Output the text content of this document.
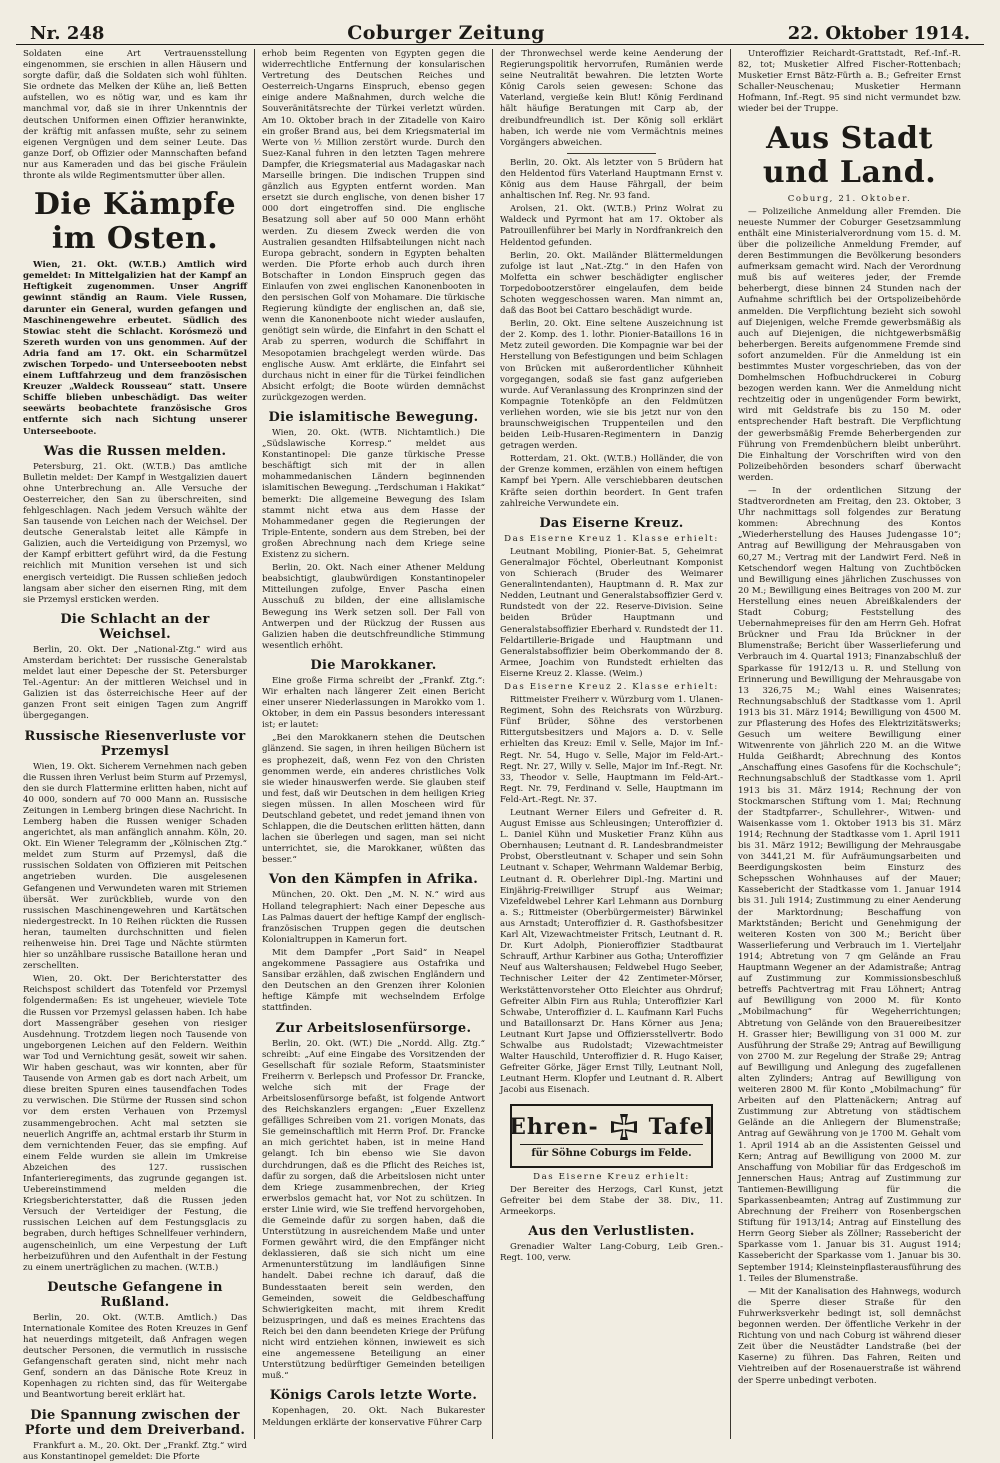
Nr. 248	Coburger Zeitung	22. Oktober 1914.

Soldaten eine Art Vertrauensstellung eingenommen, sie erschien in allen Häusern und sorgte dafür, daß die Soldaten sich wohl fühlten. Sie ordnete das Melken der Kühe an, ließ Betten aufstellen, wo es nötig war, und es kam ihr manchmal vor, daß sie in ihrer Unkenntnis der deutschen Uniformen einen Offizier heranwinkte, der kräftig mit anfassen mußte, sehr zu seinem eigenen Vergnügen und dem seiner Leute. Das ganze Dorf, ob Offizier oder Mannschaften befand nur aus Kameraden und das bei gische Fräulein thronte als wilde Regimentsmutter über allen.

Die Kämpfe im Osten.

Wien, 21. Okt. (W.T.B.) Amtlich wird gemeldet: In Mittelgalizien hat der Kampf an Heftigkeit zugenommen. Unser Angriff gewinnt ständig an Raum. Viele Russen, darunter ein General, wurden gefangen und Maschinengewehre erbeutet. Südlich des Stowiac steht die Schlacht. Korósmezö und Szereth wurden von uns genommen. Auf der Adria fand am 17. Okt. ein Scharmützel zwischen Torpedo- und Unterseebooten nebst einem Luftfahrzeug und dem französischen Kreuzer „Waldeck Rousseau“ statt. Unsere Schiffe blieben unbeschädigt. Das weiter seewärts beobachtete französische Gros entfernte sich nach Sichtung unserer Unterseeboote.

Was die Russen melden.

Petersburg, 21. Okt. (W.T.B.) Das amtliche Bulletin meldet: Der Kampf in Westgalizien dauert ohne Unterbrechung an. Alle Versuche der Oesterreicher, den San zu überschreiten, sind fehlgeschlagen. Nach jedem Versuch wählte der San tausende von Leichen nach der Weichsel. Der deutsche Generalstab leitet alle Kämpfe in Galizien, auch die Verteidigung von Przemysl, wo der Kampf erbittert geführt wird, da die Festung reichlich mit Munition versehen ist und sich energisch verteidigt. Die Russen schließen jedoch langsam aber sicher den eisernen Ring, mit dem sie Przemysl ersticken werden.

Die Schlacht an der Weichsel.

Berlin, 20. Okt. Der „National-Ztg.“ wird aus Amsterdam berichtet: Der russische Generalstab meldet laut einer Depesche der St. Petersburger Tel.-Agentur: An der mittleren Weichsel und in Galizien ist das österreichische Heer auf der ganzen Front seit einigen Tagen zum Angriff übergegangen.

Russische Riesenverluste vor Przemysl

Wien, 19. Okt. Sicherem Vernehmen nach geben die Russen ihren Verlust beim Sturm auf Przemysl, den sie durch Flattermine erlitten haben, nicht auf 40 000, sondern auf 70 000 Mann an. Russische Zeitungen in Lemberg bringen diese Nachricht. In Lemberg haben die Russen weniger Schaden angerichtet, als man anfänglich annahm. Köln, 20. Okt. Ein Wiener Telegramm der „Kölnischen Ztg.“ meldet zum Sturm auf Przemysl, daß die russischen Soldaten von Offizieren mit Peitschen angetrieben wurden. Die ausgelesenen Gefangenen und Verwundeten waren mit Striemen übersät. Wer zurückblieb, wurde von den russischen Maschinengewehren und Kartätschen niedergestreckt. In 10 Reihen rückten die Russen heran, taumelten durchschnitten und fielen reihenweise hin. Drei Tage und Nächte stürmten hier so unzählbare russische Bataillone heran und zerschellten.

Wien, 20. Okt. Der Berichterstatter des Reichspost schildert das Totenfeld vor Przemysl folgendermaßen: Es ist ungeheuer, wieviele Tote die Russen vor Przemysl gelassen haben. Ich habe dort Massengräber gesehen von riesiger Ausdehnung. Trotzdem liegen noch Tausende von ungeborgenen Leichen auf den Feldern. Weithin war Tod und Vernichtung gesät, soweit wir sahen. Wir haben geschaut, was wir konnten, aber für Tausende von Armen gab es dort nach Arbeit, um diese breiten Spuren eines tausendfachen Todes zu verwischen. Die Stürme der Russen sind schon vor dem ersten Verhauen von Przemysl zusammengebrochen. Acht mal setzten sie neuerlich Angriffe an, achtmal erstarb ihr Sturm in dem vernichtenden Feuer, das sie empfing. Auf einem Felde wurden sie allein im Umkreise Abzeichen des 127. russischen Infanterieregiments, das zugrunde gegangen ist. Uebereinstimmend melden die Kriegsberichterstatter, daß die Russen jeden Versuch der Verteidiger der Festung, die russischen Leichen auf dem Festungsglacis zu begraben, durch heftiges Schnellfeuer verhindern, augenscheinlich, um eine Verpestung der Luft herbeizuführen und den Aufenthalt in der Festung zu einem unerträglichen zu machen. (W.T.B.)

Deutsche Gefangene in Rußland.

Berlin, 20. Okt. (W.T.B. Amtlich.) Das Internationale Komitee des Roten Kreuzes in Genf hat neuerdings mitgeteilt, daß Anfragen wegen deutscher Personen, die vermutlich in russische Gefangenschaft geraten sind, nicht mehr nach Genf, sondern an das Dänische Rote Kreuz in Kopenhagen zu richten sind, das für Weitergabe und Beantwortung bereit erklärt hat.

Die Spannung zwischen der Pforte und dem Dreiverband.

Frankfurt a. M., 20. Okt. Der „Frankf. Ztg.“ wird aus Konstantinopel gemeldet: Die Pforte

erhob beim Regenten von Egypten gegen die widerrechtliche Entfernung der konsularischen Vertretung des Deutschen Reiches und Oesterreich-Ungarns Einspruch, ebenso gegen einige andere Maßnahmen, durch welche die Souveränitätsrechte der Türkei verletzt würden. Am 10. Oktober brach in der Zitadelle von Kairo ein großer Brand aus, bei dem Kriegsmaterial im Werte von ½ Million zerstört wurde. Durch den Suez-Kanal fuhren in den letzten Tagen mehrere Dampfer, die Kriegsmaterial aus Madagaskar nach Marseille bringen. Die indischen Truppen sind gänzlich aus Egypten entfernt worden. Man ersetzt sie durch englische, von denen bisher 17 000 dort eingetroffen sind. Die englische Besatzung soll aber auf 50 000 Mann erhöht werden. Zu diesem Zweck werden die von Australien gesandten Hilfsabteilungen nicht nach Europa gebracht, sondern in Egypten behalten werden. Die Pforte erhob auch durch ihren Botschafter in London Einspruch gegen das Einlaufen von zwei englischen Kanonenbooten in den persischen Golf von Mohamare. Die türkische Regierung kündigte der englischen an, daß sie, wenn die Kanonenboote nicht wieder auslaufen, genötigt sein würde, die Einfahrt in den Schatt el Arab zu sperren, wodurch die Schiffahrt in Mesopotamien brachgelegt werden würde. Das englische Ausw. Amt erklärte, die Einfahrt sei durchaus nicht in einer für die Türkei feindlichen Absicht erfolgt; die Boote würden demnächst zurückgezogen werden.

Die islamitische Bewegung.

Wien, 20. Okt. (WTB. Nichtamtlich.) Die „Südslawische Korresp.“ meldet aus Konstantinopel: Die ganze türkische Presse beschäftigt sich mit der in allen mohammedanischen Ländern beginnenden islamitischen Bewegung. „Terdschuman i Hakikat“ bemerkt: Die allgemeine Bewegung des Islam stammt nicht etwa aus dem Hasse der Mohammedaner gegen die Regierungen der Triple-Entente, sondern aus dem Streben, bei der großen Abrechnung nach dem Kriege seine Existenz zu sichern.

Berlin, 20. Okt. Nach einer Athener Meldung beabsichtigt, glaubwürdigen Konstantinopeler Mitteilungen zufolge, Enver Pascha einen Ausschuß zu bilden, der eine allislamische Bewegung ins Werk setzen soll. Der Fall von Antwerpen und der Rückzug der Russen aus Galizien haben die deutschfreundliche Stimmung wesentlich erhöht.

Die Marokkaner.

Eine große Firma schreibt der „Frankf. Ztg.“: Wir erhalten nach längerer Zeit einen Bericht einer unserer Niederlassungen in Marokko vom 1. Oktober, in dem ein Passus besonders interessant ist; er lautet:

„Bei den Marokkanern stehen die Deutschen glänzend. Sie sagen, in ihren heiligen Büchern ist es prophezeit, daß, wenn Fez von den Christen genommen werde, ein anderes christliches Volk sie wieder hinauswerfen werde. Sie glauben steif und fest, daß wir Deutschen in dem heiligen Krieg siegen müssen. In allen Moscheen wird für Deutschland gebetet, und redet jemand ihnen von Schlappen, die die Deutschen erlitten hätten, dann lachen sie überlegen und sagen, man sei nicht unterrichtet, sie, die Marokkaner, wüßten das besser.“

Von den Kämpfen in Afrika.

München, 20. Okt. Den „M. N. N.“ wird aus Holland telegraphiert: Nach einer Depesche aus Las Palmas dauert der heftige Kampf der englisch-französischen Truppen gegen die deutschen Kolonialtruppen in Kamerun fort.

Mit dem Dampfer „Port Said“ in Neapel angekommene Passagiere aus Ostafrika und Sansibar erzählen, daß zwischen Engländern und den Deutschen an den Grenzen ihrer Kolonien heftige Kämpfe mit wechselndem Erfolge stattfinden.

Zur Arbeitslosenfürsorge.

Berlin, 20. Okt. (WT.) Die „Nordd. Allg. Ztg.“ schreibt: „Auf eine Eingabe des Vorsitzenden der Gesellschaft für soziale Reform, Staatsminister Freiherrn v. Berlepsch und Professor Dr. Francke, welche sich mit der Frage der Arbeitslosenfürsorge befaßt, ist folgende Antwort des Reichskanzlers ergangen: „Euer Exzellenz gefälliges Schreiben vom 21. vorigen Monats, das Sie gemeinschaftlich mit Herrn Prof. Dr. Francke an mich gerichtet haben, ist in meine Hand gelangt. Ich bin ebenso wie Sie davon durchdrungen, daß es die Pflicht des Reiches ist, dafür zu sorgen, daß die Arbeitslosen nicht unter dem Kriege zusammenbrechen, der Krieg erwerbslos gemacht hat, vor Not zu schützen. In erster Linie wird, wie Sie treffend hervorgehoben, die Gemeinde dafür zu sorgen haben, daß die Unterstützung in ausreichendem Maße und unter Formen gewährt wird, die den Empfänger nicht deklassieren, daß sie sich nicht um eine Armenunterstützung im landläufigen Sinne handelt. Dabei rechne ich darauf, daß die Bundesstaaten bereit sein werden, den Gemeinden, soweit die Geldbeschaffung Schwierigkeiten macht, mit ihrem Kredit beizuspringen, und daß es meines Erachtens das Reich bei den dann beendeten Kriege der Prüfung nicht wird entziehen können, inwieweit es sich eine angemessene Beteiligung an einer Unterstützung bedürftiger Gemeinden beteiligen muß.“

Königs Carols letzte Worte.

Kopenhagen, 20. Okt. Nach Bukarester Meldungen erklärte der konservative Führer Carp

der Thronwechsel werde keine Aenderung der Regierungspolitik hervorrufen, Rumänien werde seine Neutralität bewahren. Die letzten Worte König Carols seien gewesen: Schone das Vaterland, vergieße kein Blut! König Ferdinand hält häufige Beratungen mit Carp ab, der dreibundfreundlich ist. Der König soll erklärt haben, ich werde nie vom Vermächtnis meines Vorgängers abweichen.

Berlin, 20. Okt. Als letzter von 5 Brüdern hat den Heldentod fürs Vaterland Hauptmann Ernst v. König aus dem Hause Fährgall, der beim anhaltischen Inf. Reg. Nr. 93 fand.

Arolsen, 21. Okt. (W.T.B.) Prinz Wolrat zu Waldeck und Pyrmont hat am 17. Oktober als Patrouillenführer bei Marly in Nordfrankreich den Heldentod gefunden.

Berlin, 20. Okt. Mailänder Blättermeldungen zufolge ist laut „Nat.-Ztg.“ in den Hafen von Molfetta ein schwer beschädigter englischer Torpedobootzerstörer eingelaufen, dem beide Schoten weggeschossen waren. Man nimmt an, daß das Boot bei Cattaro beschädigt wurde.

Berlin, 20. Okt. Eine seltene Auszeichnung ist der 2. Komp. des 1. lothr. Pionier-Bataillons 16 in Metz zuteil geworden. Die Kompagnie war bei der Herstellung von Befestigungen und beim Schlagen von Brücken mit außerordentlicher Kühnheit vorgegangen, sodaß sie fast ganz aufgerieben wurde. Auf Veranlassung des Kronprinzen sind der Kompagnie Totenköpfe an den Feldmützen verliehen worden, wie sie bis jetzt nur von den braunschweigischen Truppenteilen und den beiden Leib-Husaren-Regimentern in Danzig getragen werden.

Rotterdam, 21. Okt. (W.T.B.) Holländer, die von der Grenze kommen, erzählen von einem heftigen Kampf bei Ypern. Alle verschiebbaren deutschen Kräfte seien dorthin beordert. In Gent trafen zahlreiche Verwundete ein.

Das Eiserne Kreuz.

Das Eiserne Kreuz 1. Klasse erhielt:

Leutnant Mobiling, Pionier-Bat. 5, Geheimrat Generalmajor Föchtel, Oberleutnant Komponist von Schierach (Bruder des Weimarer Generalintendanten), Hauptmann d. R. Max zur Nedden, Leutnant und Generalstabsoffizier Gerd v. Rundstedt von der 22. Reserve-Division. Seine beiden Brüder Hauptmann und Generalstabsoffizier Eberhard v. Rundstedt der 11. Feldartillerie-Brigade und Hauptmann und Generalstabsoffizier beim Oberkommando der 8. Armee, Joachim von Rundstedt erhielten das Eiserne Kreuz 2. Klasse. (Weim.)

Das Eiserne Kreuz 2. Klasse erhielt:

Rittmeister Freiherr v. Würzburg vom 1. Ulanen-Regiment, Sohn des Reichsrats von Würzburg. Fünf Brüder, Söhne des verstorbenen Rittergutsbesitzers und Majors a. D. v. Selle erhielten das Kreuz: Emil v. Selle, Major im Inf.-Regt. Nr. 54, Hugo v. Selle, Major im Feld-Art.-Regt. Nr. 27, Willy v. Selle, Major im Inf.-Regt. Nr. 33, Theodor v. Selle, Hauptmann im Feld-Art.-Regt. Nr. 79, Ferdinand v. Selle, Hauptmann im Feld-Art.-Regt. Nr. 37.

Leutnant Werner Eilers und Gefreiter d. R. August Emisse aus Schleusingen; Unteroffizier d. L. Daniel Kühn und Musketier Franz Kühn aus Obernhausen; Leutnant d. R. Landesbrandmeister Probst, Oberstleutnant v. Schaper und sein Sohn Leutnant v. Schaper, Wehrmann Waldemar Berbig, Leutnant d. R. Oberlehrer Dipl.-Ing. Martini und Einjährig-Freiwilliger Strupf aus Weimar; Vizefeldwebel Lehrer Karl Lehmann aus Dornburg a. S.; Rittmeister (Oberbürgermeister) Bärwinkel aus Arnstadt; Unteroffizier d. R. Gasthofsbesitzer Karl Alt, Vizewachtmeister Fritsch, Leutnant d. R. Dr. Kurt Adolph, Pionieroffizier Stadtbaurat Schrauff, Arthur Karbiner aus Gotha; Unteroffizier Neuf aus Waltershausen; Feldwebel Hugo Seeber, Technischer Leiter der 42 Zentimeter-Mörser, Werkstättenvorsteher Otto Eleichter aus Ohrdruf; Gefreiter Albin Firn aus Ruhla; Unteroffizier Karl Schwabe, Unteroffizier d. L. Kaufmann Karl Fuchs und Bataillonsarzt Dr. Hans Körner aus Jena; Leutnant Kurt Japse und Offiziersstellvertr. Bodo Schwalbe aus Rudolstadt; Vizewachtmeister Walter Hauschild, Unteroffizier d. R. Hugo Kaiser, Gefreiter Görke, Jäger Ernst Tilly, Leutnant Noll, Leutnant Herm. Klopfer und Leutnant d. R. Albert Jacobi aus Eisenach.

Ehren- Tafel
für Söhne Coburgs im Felde.

Das Eiserne Kreuz erhielt:

Der Bereiter des Herzogs, Carl Kunst, jetzt Gefreiter bei dem Stabe der 38. Div., 11. Armeekorps.

Aus den Verlustlisten.

Grenadier Walter Lang-Coburg, Leib Gren.-Regt. 100, verw.

Unteroffizier Reichardt-Grattstadt, Ref.-Inf.-R. 82, tot; Musketier Alfred Fischer-Rottenbach; Musketier Ernst Bätz-Fürth a. B.; Gefreiter Ernst Schaller-Neuschenau; Musketier Hermann Hofmann, Inf.-Regt. 95 sind nicht vermundet bzw. wieder bei der Truppe.

Aus Stadt und Land.

Coburg, 21. Oktober.

— Polizeiliche Anmeldung aller Fremden. Die neueste Nummer der Coburger Gesetzsammlung enthält eine Ministerialverordnung vom 15. d. M. über die polizeiliche Anmeldung Fremder, auf deren Bestimmungen die Bevölkerung besonders aufmerksam gemacht wird. Nach der Verordnung muß bis auf weiteres jeder, der Fremde beherbergt, diese binnen 24 Stunden nach der Aufnahme schriftlich bei der Ortspolizeibehörde anmelden. Die Verpflichtung bezieht sich sowohl auf Diejenigen, welche Fremde gewerbsmäßig als auch auf Diejenigen, die nichtgewerbsmäßig beherbergen. Bereits aufgenommene Fremde sind sofort anzumelden. Für die Anmeldung ist ein bestimmtes Muster vorgeschrieben, das von der Domhelmschen Hofbuchdruckerei in Coburg bezogen werden kann. Wer die Anmeldung nicht rechtzeitig oder in ungenügender Form bewirkt, wird mit Geldstrafe bis zu 150 M. oder entsprechender Haft bestraft. Die Verpflichtung der gewerbsmäßig Fremde Beherbergenden zur Führung von Fremdenbüchern bleibt unberührt. Die Einhaltung der Vorschriften wird von den Polizeibehörden besonders scharf überwacht werden.

— In der ordentlichen Sitzung der Stadtverordneten am Freitag, den 23. Oktober, 3 Uhr nachmittags soll folgendes zur Beratung kommen: Abrechnung des Kontos „Wiederherstellung des Hauses Judengasse 10“; Antrag auf Bewilligung der Mehrausgaben von 60,27 M.; Vertrag mit der Landwirt Ferd. Neß in Ketschendorf wegen Haltung von Zuchtböcken und Bewilligung eines jährlichen Zuschusses von 20 M.; Bewilligung eines Beitrages von 200 M. zur Herstellung eines neuen Abreißkalenders der Stadt Coburg; Feststellung des Uebernahmepreises für den am Herrn Geh. Hofrat Brückner und Frau Ida Brückner in der Blumenstraße; Bericht über Wasserlieferung und Verbrauch im 4. Quartal 1913; Finanzabschluß der Sparkasse für 1912/13 u. R. und Stellung von Erinnerung und Bewilligung der Mehrausgabe von 13 326,75 M.; Wahl eines Waisenrates; Rechnungsabschluß der Stadtkasse vom 1. April 1913 bis 31. März 1914; Bewilligung von 4500 M. zur Pflasterung des Hofes des Elektrizitätswerks; Gesuch um weitere Bewilligung einer Witwenrente von jährlich 220 M. an die Witwe Hulda Geißhardt; Abrechnung des Kontos „Anschaffung eines Gasofens für die Kochschule“; Rechnungsabschluß der Stadtkasse vom 1. April 1913 bis 31. März 1914; Rechnung der von Stockmarschen Stiftung vom 1. Mai; Rechnung der Stadtpfarrer-, Schullehrer-, Witwen- und Waisenkasse vom 1. Oktober 1913 bis 31. März 1914; Rechnung der Stadtkasse vom 1. April 1911 bis 31. März 1912; Bewilligung der Mehrausgabe von 3441,21 M. für Aufräumungsarbeiten und Beerdigungskosten beim Einsturz des Schepsschen Wohnhauses auf der Mauer; Kassebericht der Stadtkasse vom 1. Januar 1914 bis 31. Juli 1914; Zustimmung zu einer Aenderung der Marktordnung; Beschaffung von Marktständen; Bericht und Genehmigung der weiteren Kosten von 300 M.; Bericht über Wasserlieferung und Verbrauch im 1. Vierteljahr 1914; Abtretung von 7 qm Gelände an Frau Hauptmann Wegener an der Adamistraße; Antrag auf Zustimmung zur Kommissionsbeschluß betreffs Pachtvertrag mit Frau Löhnert; Antrag auf Bewilligung von 2000 M. für Konto „Mobilmachung“ für Wegeherrichtungen; Abtretung von Gelände von den Brauereibesitzer H. Grasser hier; Bewilligung von 31 000 M. zur Ausführung der Straße 29; Antrag auf Bewilligung von 2700 M. zur Regelung der Straße 29; Antrag auf Bewilligung und Anlegung des zugefallenen alten Zylinders; Antrag auf Bewilligung von weiteren 2800 M. für Konto „Mobilmachung“ für Arbeiten auf den Plattenäckern; Antrag auf Zustimmung zur Abtretung von städtischem Gelände an die Anliegern der Blumenstraße; Antrag auf Gewährung von je 1700 M. Gehalt vom 1. April 1914 ab an die Assistenten Geissel und Kern; Antrag auf Bewilligung von 2000 M. zur Anschaffung von Mobiliar für das Erdgeschoß im Jennerschen Haus; Antrag auf Zustimmung zur Tantiemen-Bewilligung für die Sparkassenbeamten; Antrag auf Zustimmung zur Abrechnung der Freiherr von Rosenbergschen Stiftung für 1913/14; Antrag auf Einstellung des Herrn Georg Sieber als Zöllner; Rassebericht der Sparkasse vom 1. Januar bis 31. August 1914; Kassebericht der Sparkasse vom 1. Januar bis 30. September 1914; Kleinsteinpflasterausführung des 1. Teiles der Blumenstraße.

— Mit der Kanalisation des Hahnwegs, wodurch die Sperre dieser Straße für den Fuhrwerksverkehr bedingt ist, soll demnächst begonnen werden. Der öffentliche Verkehr in der Richtung von und nach Coburg ist während dieser Zeit über die Neustädter Landstraße (bei der Kaserne) zu führen. Das Fahren, Reiten und Viehtreiben auf der Rosenauerstraße ist während der Sperre unbedingt verboten.
